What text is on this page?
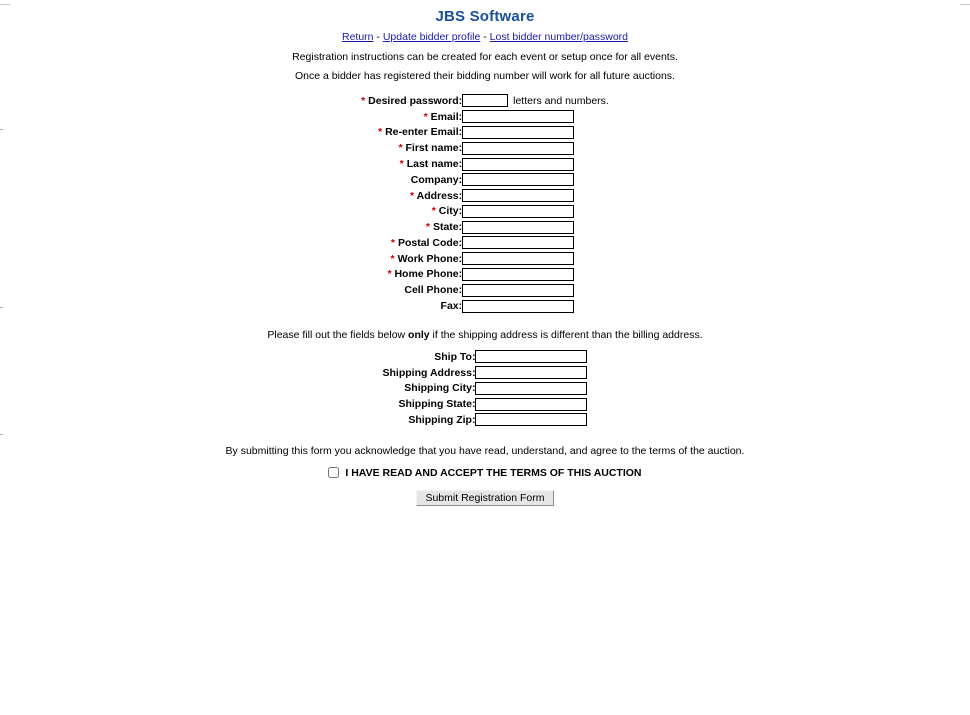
JBS Software
Return - Update bidder profile - Lost bidder number/password
Registration instructions can be created for each event or setup once for all events.
Once a bidder has registered their bidding number will work for all future auctions.
* Desired password:	letters and numbers.
* Email:	
* Re-enter Email:	
* First name:	
* Last name:	
Company:	
* Address:	
* City:	
* State:	
* Postal Code:	
* Work Phone:	
* Home Phone:	
Cell Phone:	
Fax:	
Please fill out the fields below only if the shipping address is different than the billing address.
Ship To:	
Shipping Address:	
Shipping City:	
Shipping State:	
Shipping Zip:	
By submitting this form you acknowledge that you have read, understand, and agree to the terms of the auction.
I HAVE READ AND ACCEPT THE TERMS OF THIS AUCTION
Submit Registration Form
